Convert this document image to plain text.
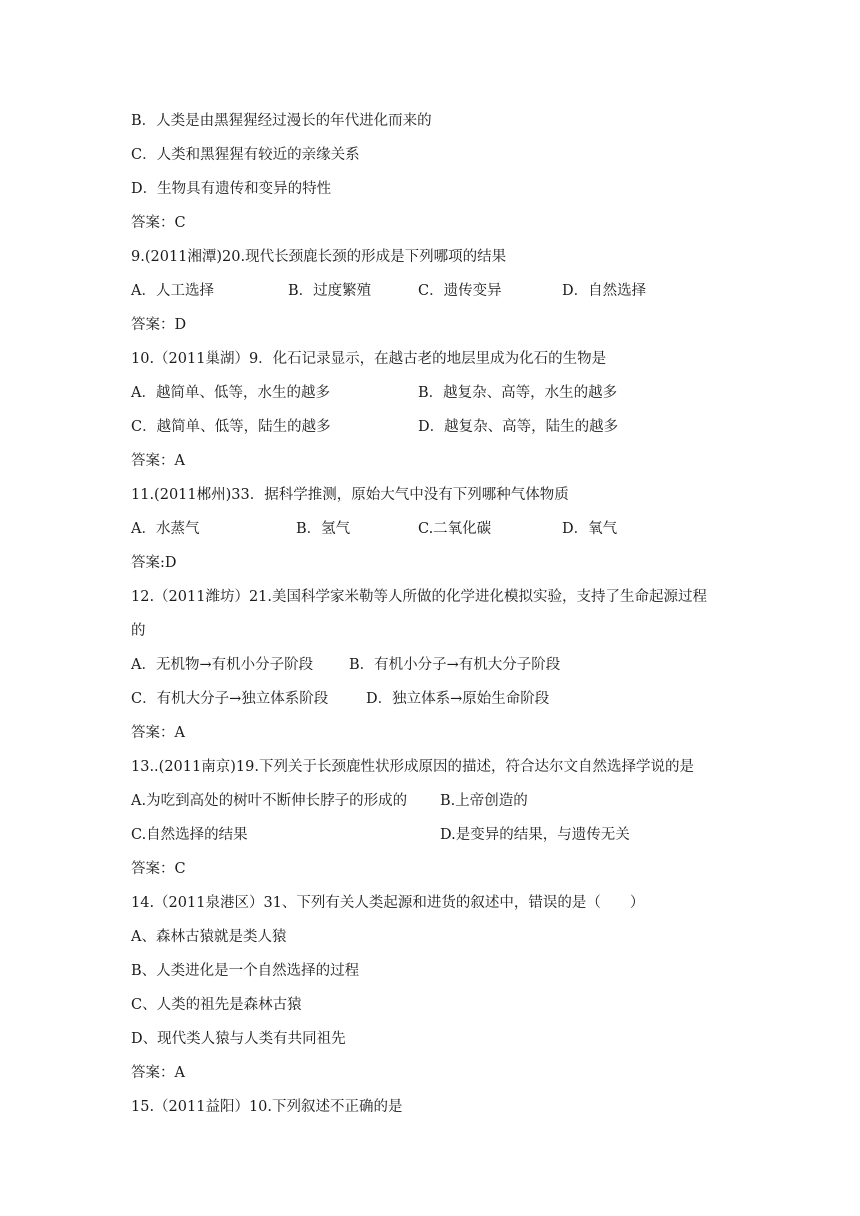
B．人类是由黑猩猩经过漫长的年代进化而来的
C．人类和黑猩猩有较近的亲缘关系
D．生物具有遗传和变异的特性
答案：C
9.(2011湘潭)20.现代长颈鹿长颈的形成是下列哪项的结果
A．人工选择	B．过度繁殖	C．遗传变异	D．自然选择
答案：D
10.（2011巢湖）9．化石记录显示，在越古老的地层里成为化石的生物是
A．越简单、低等，水生的越多	B．越复杂、高等，水生的越多
C．越简单、低等，陆生的越多	D．越复杂、高等，陆生的越多
答案：A
11.(2011郴州)33．据科学推测，原始大气中没有下列哪种气体物质
A．水蒸气	B．氢气	C.二氧化碳	D．氧气
答案:D
12.（2011潍坊）21.美国科学家米勒等人所做的化学进化模拟实验，支持了生命起源过程
的
A．无机物→有机小分子阶段 B．有机小分子→有机大分子阶段
C．有机大分子→独立体系阶段	D．独立体系→原始生命阶段
答案：A
13..(2011南京)19.下列关于长颈鹿性状形成原因的描述，符合达尔文自然选择学说的是
A.为吃到高处的树叶不断伸长脖子的形成的 B.上帝创造的
C.自然选择的结果	D.是变异的结果，与遗传无关
答案：C
14.（2011泉港区）31、下列有关人类起源和进货的叙述中，错误的是（　　）
A、森林古猿就是类人猿
B、人类进化是一个自然选择的过程
C、人类的祖先是森林古猿
D、现代类人猿与人类有共同祖先
答案：A
15.（2011益阳）10.下列叙述不正确的是
